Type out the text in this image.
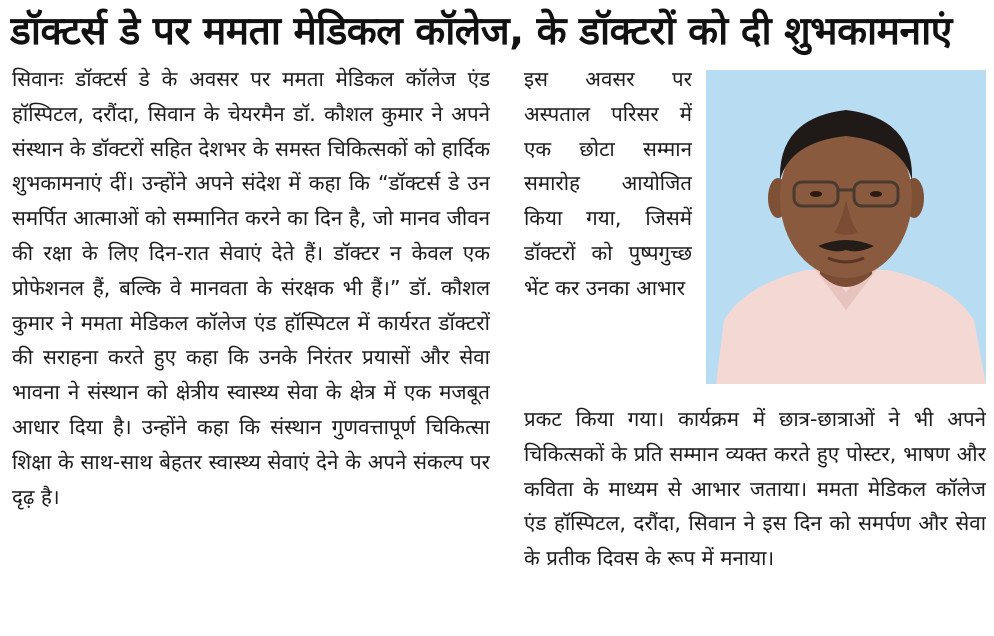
डॉक्टर्स डे पर ममता मेडिकल कॉलेज, के डॉक्टरों को दी शुभकामनाएं

सिवानः डॉक्टर्स डे के अवसर पर ममता मेडिकल कॉलेज एंड हॉस्पिटल, दरौंदा, सिवान के चेयरमैन डॉ. कौशल कुमार ने अपने संस्थान के डॉक्टरों सहित देशभर के समस्त चिकित्सकों को हार्दिक शुभकामनाएं दीं। उन्होंने अपने संदेश में कहा कि “डॉक्टर्स डे उन समर्पित आत्माओं को सम्मानित करने का दिन है, जो मानव जीवन की रक्षा के लिए दिन-रात सेवाएं देते हैं। डॉक्टर न केवल एक प्रोफेशनल हैं, बल्कि वे मानवता के संरक्षक भी हैं।” डॉ. कौशल कुमार ने ममता मेडिकल कॉलेज एंड हॉस्पिटल में कार्यरत डॉक्टरों की सराहना करते हुए कहा कि उनके निरंतर प्रयासों और सेवा भावना ने संस्थान को क्षेत्रीय स्वास्थ्य सेवा के क्षेत्र में एक मजबूत आधार दिया है। उन्होंने कहा कि संस्थान गुणवत्तापूर्ण चिकित्सा शिक्षा के साथ-साथ बेहतर स्वास्थ्य सेवाएं देने के अपने संकल्प पर दृढ़ है।

इस अवसर पर अस्पताल परिसर में एक छोटा सम्मान समारोह आयोजित किया गया, जिसमें डॉक्टरों को पुष्पगुच्छ भेंट कर उनका आभार

प्रकट किया गया। कार्यक्रम में छात्र-छात्राओं ने भी अपने चिकित्सकों के प्रति सम्मान व्यक्त करते हुए पोस्टर, भाषण और कविता के माध्यम से आभार जताया। ममता मेडिकल कॉलेज एंड हॉस्पिटल, दरौंदा, सिवान ने इस दिन को समर्पण और सेवा के प्रतीक दिवस के रूप में मनाया।
